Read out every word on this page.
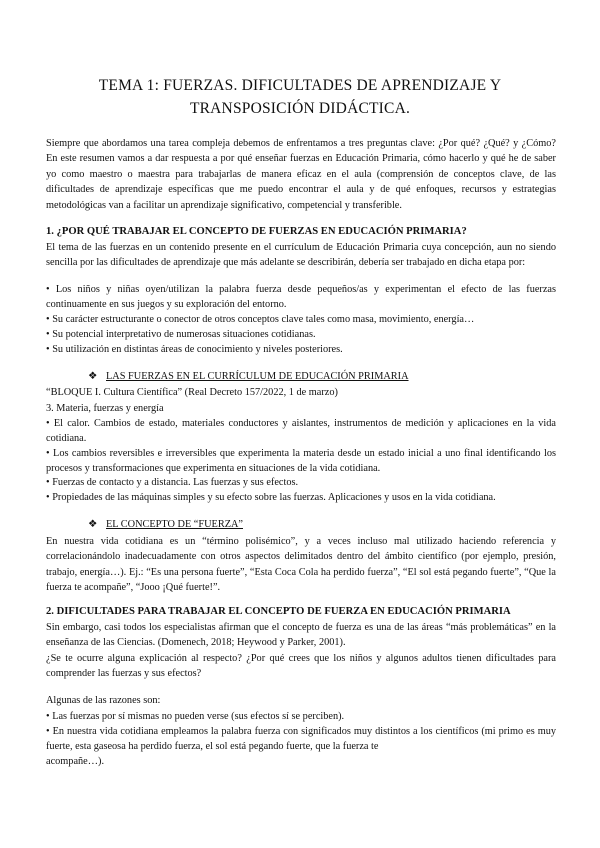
TEMA 1: FUERZAS. DIFICULTADES DE APRENDIZAJE Y
TRANSPOSICIÓN DIDÁCTICA.

Siempre que abordamos una tarea compleja debemos de enfrentamos a tres preguntas clave: ¿Por qué? ¿Qué? y ¿Cómo? En este resumen vamos a dar respuesta a por qué enseñar fuerzas en Educación Primaria, cómo hacerlo y qué he de saber yo como maestro o maestra para trabajarlas de manera eficaz en el aula (comprensión de conceptos clave, de las dificultades de aprendizaje específicas que me puedo encontrar el aula y de qué enfoques, recursos y estrategias metodológicas van a facilitar un aprendizaje significativo, competencial y transferible.

1. ¿POR QUÉ TRABAJAR EL CONCEPTO DE FUERZAS EN EDUCACIÓN PRIMARIA?

El tema de las fuerzas en un contenido presente en el currículum de Educación Primaria cuya concepción, aun no siendo sencilla por las dificultades de aprendizaje que más adelante se describirán, debería ser trabajado en dicha etapa por:

• Los niños y niñas oyen/utilizan la palabra fuerza desde pequeños/as y experimentan el efecto de las fuerzas continuamente en sus juegos y su exploración del entorno.

• Su carácter estructurante o conector de otros conceptos clave tales como masa, movimiento, energía…

• Su potencial interpretativo de numerosas situaciones cotidianas.

• Su utilización en distintas áreas de conocimiento y niveles posteriores.

❖ LAS FUERZAS EN EL CURRÍCULUM DE EDUCACIÓN PRIMARIA

“BLOQUE I. Cultura Científica” (Real Decreto 157/2022, 1 de marzo)

3. Materia, fuerzas y energía

• El calor. Cambios de estado, materiales conductores y aislantes, instrumentos de medición y aplicaciones en la vida cotidiana.

• Los cambios reversibles e irreversibles que experimenta la materia desde un estado inicial a uno final identificando los procesos y transformaciones que experimenta en situaciones de la vida cotidiana.

• Fuerzas de contacto y a distancia. Las fuerzas y sus efectos.

• Propiedades de las máquinas simples y su efecto sobre las fuerzas. Aplicaciones y usos en la vida cotidiana.

❖ EL CONCEPTO DE “FUERZA”

En nuestra vida cotidiana es un “término polisémico”, y a veces incluso mal utilizado haciendo referencia y correlacionándolo inadecuadamente con otros aspectos delimitados dentro del ámbito científico (por ejemplo, presión, trabajo, energía…). Ej.: “Es una persona fuerte”, “Esta Coca Cola ha perdido fuerza”, “El sol está pegando fuerte”, “Que la fuerza te acompañe”, “Jooo ¡Qué fuerte!”.

2. DIFICULTADES PARA TRABAJAR EL CONCEPTO DE FUERZA EN EDUCACIÓN PRIMARIA

Sin embargo, casi todos los especialistas afirman que el concepto de fuerza es una de las áreas “más problemáticas” en la enseñanza de las Ciencias. (Domenech, 2018; Heywood y Parker, 2001).

¿Se te ocurre alguna explicación al respecto? ¿Por qué crees que los niños y algunos adultos tienen dificultades para comprender las fuerzas y sus efectos?

Algunas de las razones son:

• Las fuerzas por sí mismas no pueden verse (sus efectos sí se perciben).

• En nuestra vida cotidiana empleamos la palabra fuerza con significados muy distintos a los científicos (mi primo es muy fuerte, esta gaseosa ha perdido fuerza, el sol está pegando fuerte, que la fuerza te

acompañe…).
